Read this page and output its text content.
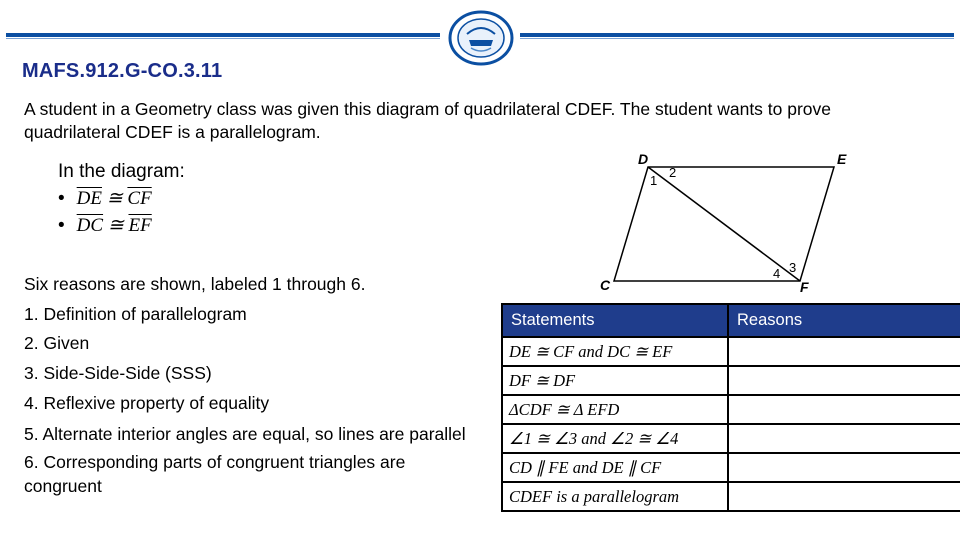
MAFS.912.G-CO.3.11
A student in a Geometry class was given this diagram of quadrilateral CDEF. The student wants to prove quadrilateral CDEF is a parallelogram.
In the diagram:
• $\overline{DE}$ ≅ $\overline{CF}$
• $\overline{DC}$ ≅ $\overline{EF}$
Six reasons are shown, labeled 1 through 6.
1. Definition of parallelogram
2. Given
3. Side-Side-Side (SSS)
4. Reflexive property of equality
5. Alternate interior angles are equal, so lines are parallel
6. Corresponding parts of congruent triangles are congruent
D	E
C	F
1
2
3
4
Statements	Reasons
DE ≅ CF and DC ≅ EF	
DF ≅ DF	
ΔCDF ≅ Δ EFD	
∠1 ≅ ∠3 and ∠2 ≅ ∠4	
CD ∥ FE and DE ∥ CF	
CDEF is a parallelogram	
